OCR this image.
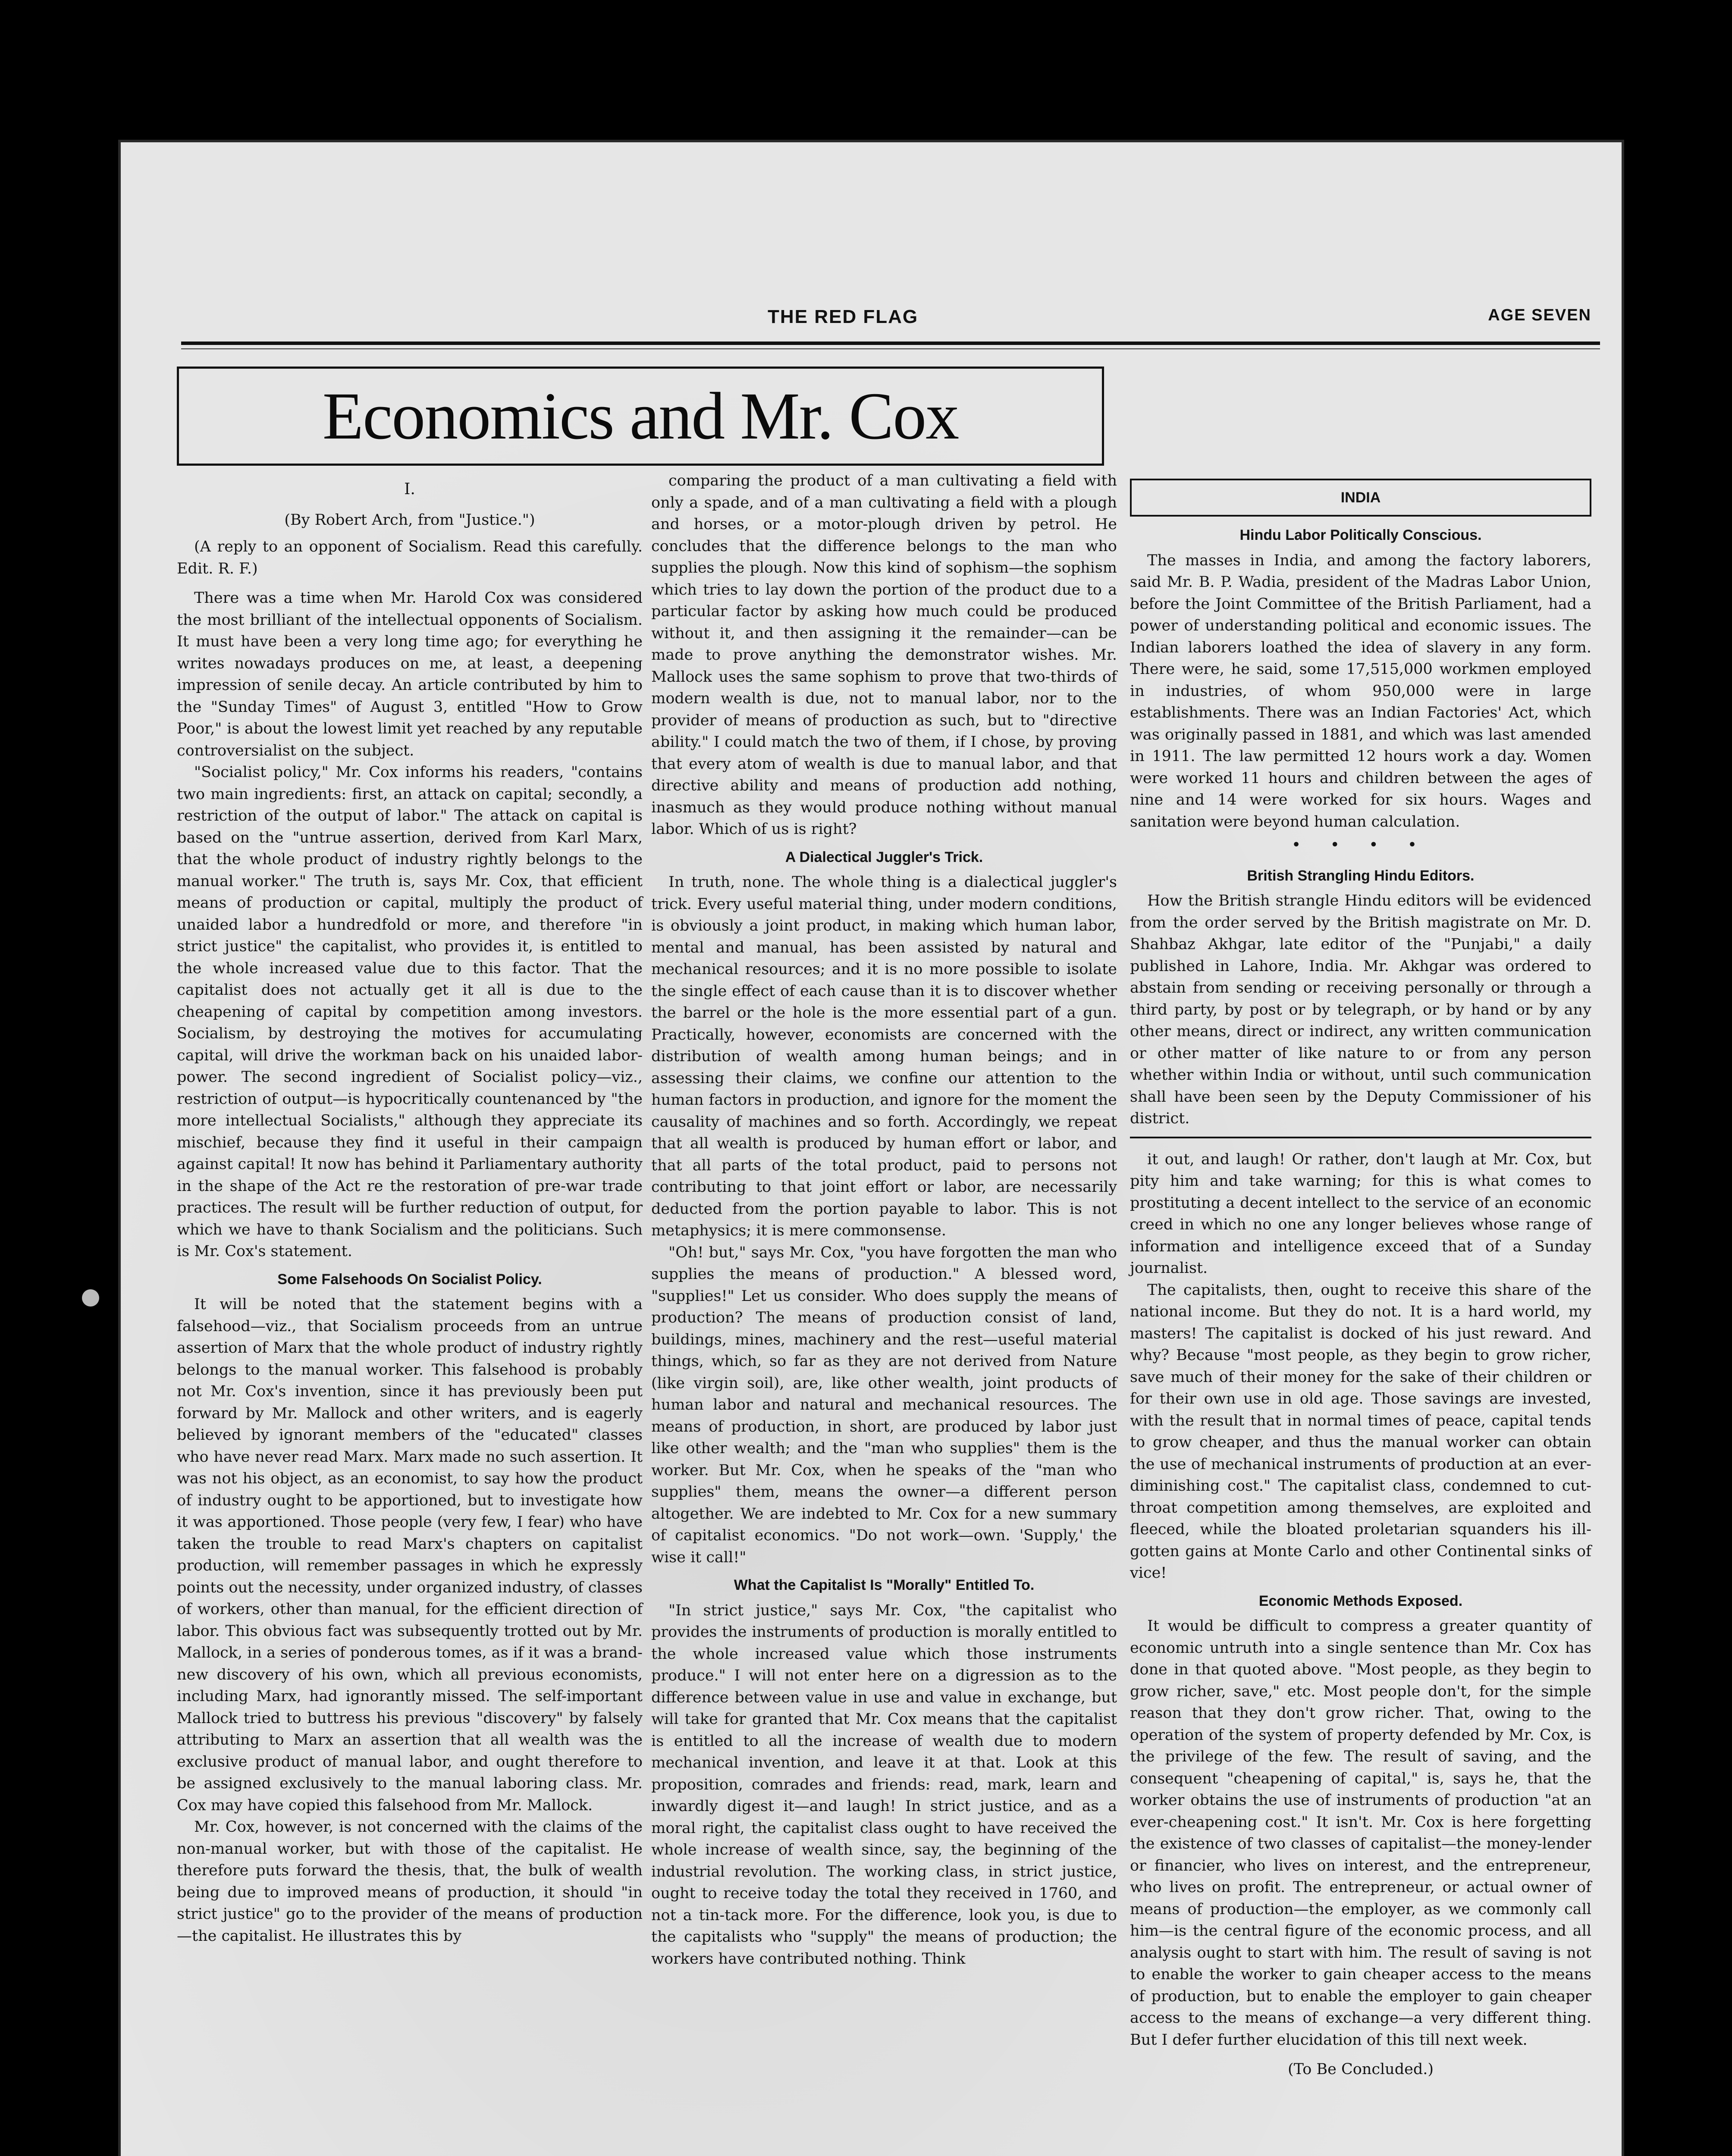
THE RED FLAG	AGE SEVEN
Economics and Mr. Cox

I.

(By Robert Arch, from "Justice.")

(A reply to an opponent of Socialism. Read this carefully. Edit. R. F.)

There was a time when Mr. Harold Cox was considered the most brilliant of the intellectual opponents of Socialism. It must have been a very long time ago; for everything he writes nowadays produces on me, at least, a deepening impression of senile decay. An article contributed by him to the "Sunday Times" of August 3, entitled "How to Grow Poor," is about the lowest limit yet reached by any reputable controversialist on the subject.

"Socialist policy," Mr. Cox informs his readers, "contains two main ingredients: first, an attack on capital; secondly, a restriction of the output of labor." The attack on capital is based on the "untrue assertion, derived from Karl Marx, that the whole product of industry rightly belongs to the manual worker." The truth is, says Mr. Cox, that efficient means of production or capital, multiply the product of unaided labor a hundredfold or more, and therefore "in strict justice" the capitalist, who provides it, is entitled to the whole increased value due to this factor. That the capitalist does not actually get it all is due to the cheapening of capital by competition among investors. Socialism, by destroying the motives for accumulating capital, will drive the workman back on his unaided labor-power. The second ingredient of Socialist policy—viz., restriction of output—is hypocritically countenanced by "the more intellectual Socialists," although they appreciate its mischief, because they find it useful in their campaign against capital! It now has behind it Parliamentary authority in the shape of the Act re the restoration of pre-war trade practices. The result will be further reduction of output, for which we have to thank Socialism and the politicians. Such is Mr. Cox's statement.

Some Falsehoods On Socialist Policy.

It will be noted that the statement begins with a falsehood—viz., that Socialism proceeds from an untrue assertion of Marx that the whole product of industry rightly belongs to the manual worker. This falsehood is probably not Mr. Cox's invention, since it has previously been put forward by Mr. Mallock and other writers, and is eagerly believed by ignorant members of the "educated" classes who have never read Marx. Marx made no such assertion. It was not his object, as an economist, to say how the product of industry ought to be apportioned, but to investigate how it was apportioned. Those people (very few, I fear) who have taken the trouble to read Marx's chapters on capitalist production, will remember passages in which he expressly points out the necessity, under organized industry, of classes of workers, other than manual, for the efficient direction of labor. This obvious fact was subsequently trotted out by Mr. Mallock, in a series of ponderous tomes, as if it was a brand-new discovery of his own, which all previous economists, including Marx, had ignorantly missed. The self-important Mallock tried to buttress his previous "discovery" by falsely attributing to Marx an assertion that all wealth was the exclusive product of manual labor, and ought therefore to be assigned exclusively to the manual laboring class. Mr. Cox may have copied this falsehood from Mr. Mallock.

Mr. Cox, however, is not concerned with the claims of the non-manual worker, but with those of the capitalist. He therefore puts forward the thesis, that, the bulk of wealth being due to improved means of production, it should "in strict justice" go to the provider of the means of production—the capitalist. He illustrates this by

comparing the product of a man cultivating a field with only a spade, and of a man cultivating a field with a plough and horses, or a motor-plough driven by petrol. He concludes that the difference belongs to the man who supplies the plough. Now this kind of sophism—the sophism which tries to lay down the portion of the product due to a particular factor by asking how much could be produced without it, and then assigning it the remainder—can be made to prove anything the demonstrator wishes. Mr. Mallock uses the same sophism to prove that two-thirds of modern wealth is due, not to manual labor, nor to the provider of means of production as such, but to "directive ability." I could match the two of them, if I chose, by proving that every atom of wealth is due to manual labor, and that directive ability and means of production add nothing, inasmuch as they would produce nothing without manual labor. Which of us is right?

A Dialectical Juggler's Trick.

In truth, none. The whole thing is a dialectical juggler's trick. Every useful material thing, under modern conditions, is obviously a joint product, in making which human labor, mental and manual, has been assisted by natural and mechanical resources; and it is no more possible to isolate the single effect of each cause than it is to discover whether the barrel or the hole is the more essential part of a gun. Practically, however, economists are concerned with the distribution of wealth among human beings; and in assessing their claims, we confine our attention to the human factors in production, and ignore for the moment the causality of machines and so forth. Accordingly, we repeat that all wealth is produced by human effort or labor, and that all parts of the total product, paid to persons not contributing to that joint effort or labor, are necessarily deducted from the portion payable to labor. This is not metaphysics; it is mere commonsense.

"Oh! but," says Mr. Cox, "you have forgotten the man who supplies the means of production." A blessed word, "supplies!" Let us consider. Who does supply the means of production? The means of production consist of land, buildings, mines, machinery and the rest—useful material things, which, so far as they are not derived from Nature (like virgin soil), are, like other wealth, joint products of human labor and natural and mechanical resources. The means of production, in short, are produced by labor just like other wealth; and the "man who supplies" them is the worker. But Mr. Cox, when he speaks of the "man who supplies" them, means the owner—a different person altogether. We are indebted to Mr. Cox for a new summary of capitalist economics. "Do not work—own. 'Supply,' the wise it call!"

What the Capitalist Is "Morally" Entitled To.

"In strict justice," says Mr. Cox, "the capitalist who provides the instruments of production is morally entitled to the whole increased value which those instruments produce." I will not enter here on a digression as to the difference between value in use and value in exchange, but will take for granted that Mr. Cox means that the capitalist is entitled to all the increase of wealth due to modern mechanical invention, and leave it at that. Look at this proposition, comrades and friends: read, mark, learn and inwardly digest it—and laugh! In strict justice, and as a moral right, the capitalist class ought to have received the whole increase of wealth since, say, the beginning of the industrial revolution. The working class, in strict justice, ought to receive today the total they received in 1760, and not a tin-tack more. For the difference, look you, is due to the capitalists who "supply" the means of production; the workers have contributed nothing. Think

INDIA

Hindu Labor Politically Conscious.

The masses in India, and among the factory laborers, said Mr. B. P. Wadia, president of the Madras Labor Union, before the Joint Committee of the British Parliament, had a power of understanding political and economic issues. The Indian laborers loathed the idea of slavery in any form. There were, he said, some 17,515,000 workmen employed in industries, of whom 950,000 were in large establishments. There was an Indian Factories' Act, which was originally passed in 1881, and which was last amended in 1911. The law permitted 12 hours work a day. Women were worked 11 hours and children between the ages of nine and 14 were worked for six hours. Wages and sanitation were beyond human calculation.

• • • •

British Strangling Hindu Editors.

How the British strangle Hindu editors will be evidenced from the order served by the British magistrate on Mr. D. Shahbaz Akhgar, late editor of the "Punjabi," a daily published in Lahore, India. Mr. Akhgar was ordered to abstain from sending or receiving personally or through a third party, by post or by telegraph, or by hand or by any other means, direct or indirect, any written communication or other matter of like nature to or from any person whether within India or without, until such communication shall have been seen by the Deputy Commissioner of his district.

it out, and laugh! Or rather, don't laugh at Mr. Cox, but pity him and take warning; for this is what comes to prostituting a decent intellect to the service of an economic creed in which no one any longer believes whose range of information and intelligence exceed that of a Sunday journalist.

The capitalists, then, ought to receive this share of the national income. But they do not. It is a hard world, my masters! The capitalist is docked of his just reward. And why? Because "most people, as they begin to grow richer, save much of their money for the sake of their children or for their own use in old age. Those savings are invested, with the result that in normal times of peace, capital tends to grow cheaper, and thus the manual worker can obtain the use of mechanical instruments of production at an ever-diminishing cost." The capitalist class, condemned to cut-throat competition among themselves, are exploited and fleeced, while the bloated proletarian squanders his ill-gotten gains at Monte Carlo and other Continental sinks of vice!

Economic Methods Exposed.

It would be difficult to compress a greater quantity of economic untruth into a single sentence than Mr. Cox has done in that quoted above. "Most people, as they begin to grow richer, save," etc. Most people don't, for the simple reason that they don't grow richer. That, owing to the operation of the system of property defended by Mr. Cox, is the privilege of the few. The result of saving, and the consequent "cheapening of capital," is, says he, that the worker obtains the use of instruments of production "at an ever-cheapening cost." It isn't. Mr. Cox is here forgetting the existence of two classes of capitalist—the money-lender or financier, who lives on interest, and the entrepreneur, who lives on profit. The entrepreneur, or actual owner of means of production—the employer, as we commonly call him—is the central figure of the economic process, and all analysis ought to start with him. The result of saving is not to enable the worker to gain cheaper access to the means of production, but to enable the employer to gain cheaper access to the means of exchange—a very different thing. But I defer further elucidation of this till next week.

(To Be Concluded.)
